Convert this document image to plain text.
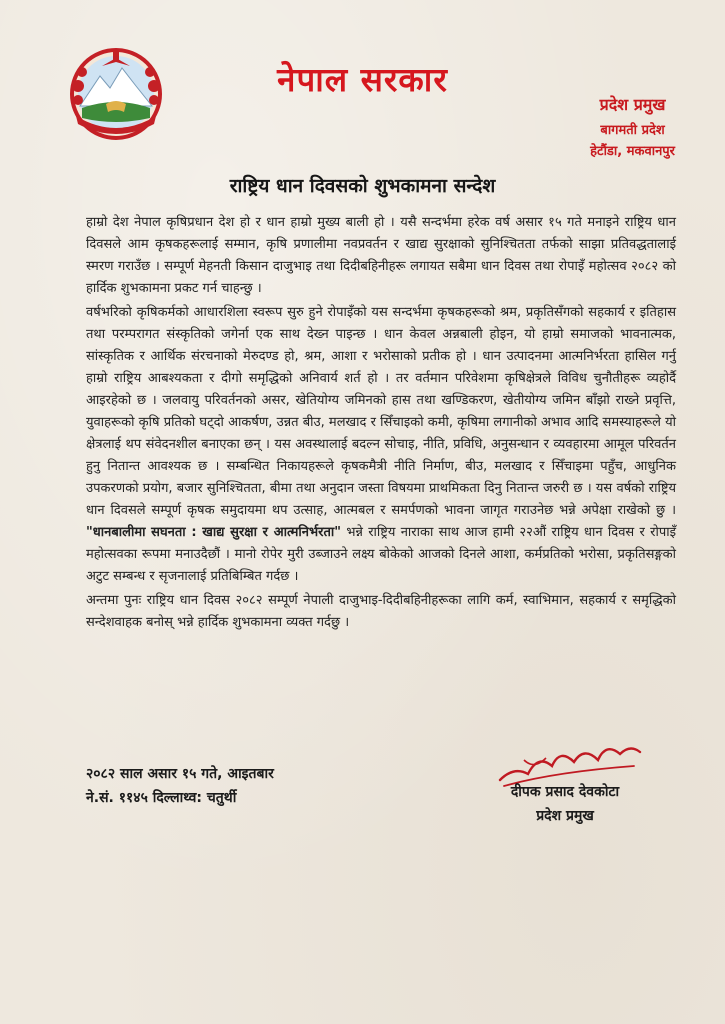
नेपाल सरकार
प्रदेश प्रमुख
बागमती प्रदेश
हेटौंडा, मकवानपुर
राष्ट्रिय धान दिवसको शुभकामना सन्देश

हाम्रो देश नेपाल कृषिप्रधान देश हो र धान हाम्रो मुख्य बाली हो । यसै सन्दर्भमा हरेक वर्ष असार १५ गते मनाइने राष्ट्रिय धान दिवसले आम कृषकहरूलाई सम्मान, कृषि प्रणालीमा नवप्रवर्तन र खाद्य सुरक्षाको सुनिश्चितता तर्फको साझा प्रतिवद्धतालाई स्मरण गराउँछ । सम्पूर्ण मेहनती किसान दाजुभाइ तथा दिदीबहिनीहरू लगायत सबैमा धान दिवस तथा रोपाइँ महोत्सव २०८२ को हार्दिक शुभकामना प्रकट गर्न चाहन्छु ।

वर्षभरिको कृषिकर्मको आधारशिला स्वरूप सुरु हुने रोपाइँको यस सन्दर्भमा कृषकहरूको श्रम, प्रकृतिसँगको सहकार्य र इतिहास तथा परम्परागत संस्कृतिको जगेर्ना एक साथ देख्न पाइन्छ । धान केवल अन्नबाली होइन, यो हाम्रो समाजको भावनात्मक, सांस्कृतिक र आर्थिक संरचनाको मेरुदण्ड हो, श्रम, आशा र भरोसाको प्रतीक हो । धान उत्पादनमा आत्मनिर्भरता हासिल गर्नु हाम्रो राष्ट्रिय आबश्यकता र दीगो समृद्धिको अनिवार्य शर्त हो । तर वर्तमान परिवेशमा कृषिक्षेत्रले विविध चुनौतीहरू व्यहोर्दै आइरहेको छ । जलवायु परिवर्तनको असर, खेतियोग्य जमिनको हास तथा खण्डिकरण, खेतीयोग्य जमिन बाँझो राख्ने प्रवृत्ति, युवाहरूको कृषि प्रतिको घट्दो आकर्षण, उन्नत बीउ, मलखाद र सिँचाइको कमी, कृषिमा लगानीको अभाव आदि समस्याहरूले यो क्षेत्रलाई थप संवेदनशील बनाएका छन् । यस अवस्थालाई बदल्न सोचाइ, नीति, प्रविधि, अनुसन्धान र व्यवहारमा आमूल परिवर्तन हुनु नितान्त आवश्यक छ । सम्बन्धित निकायहरूले कृषकमैत्री नीति निर्माण, बीउ, मलखाद र सिँचाइमा पहुँच, आधुनिक उपकरणको प्रयोग, बजार सुनिश्चितता, बीमा तथा अनुदान जस्ता विषयमा प्राथमिकता दिनु नितान्त जरुरी छ । यस वर्षको राष्ट्रिय धान दिवसले सम्पूर्ण कृषक समुदायमा थप उत्साह, आत्मबल र समर्पणको भावना जागृत गराउनेछ भन्ने अपेक्षा राखेको छु । "धानबालीमा सघनता : खाद्य सुरक्षा र आत्मनिर्भरता" भन्ने राष्ट्रिय नाराका साथ आज हामी २२औं राष्ट्रिय धान दिवस र रोपाइँ महोत्सवका रूपमा मनाउदैछौं । मानो रोपेर मुरी उब्जाउने लक्ष्य बोकेको आजको दिनले आशा, कर्मप्रतिको भरोसा, प्रकृतिसङ्गको अटुट सम्बन्ध र सृजनालाई प्रतिबिम्बित गर्दछ ।

अन्तमा पुनः राष्ट्रिय धान दिवस २०८२ सम्पूर्ण नेपाली दाजुभाइ-दिदीबहिनीहरूका लागि कर्म, स्वाभिमान, सहकार्य र समृद्धिको सन्देशवाहक बनोस् भन्ने हार्दिक शुभकामना व्यक्त गर्दछु ।

२०८२ साल असार १५ गते, आइतबार
ने.सं. ११४५ दिल्लाथ्व: चतुर्थी	दीपक प्रसाद देवकोटा
प्रदेश प्रमुख
